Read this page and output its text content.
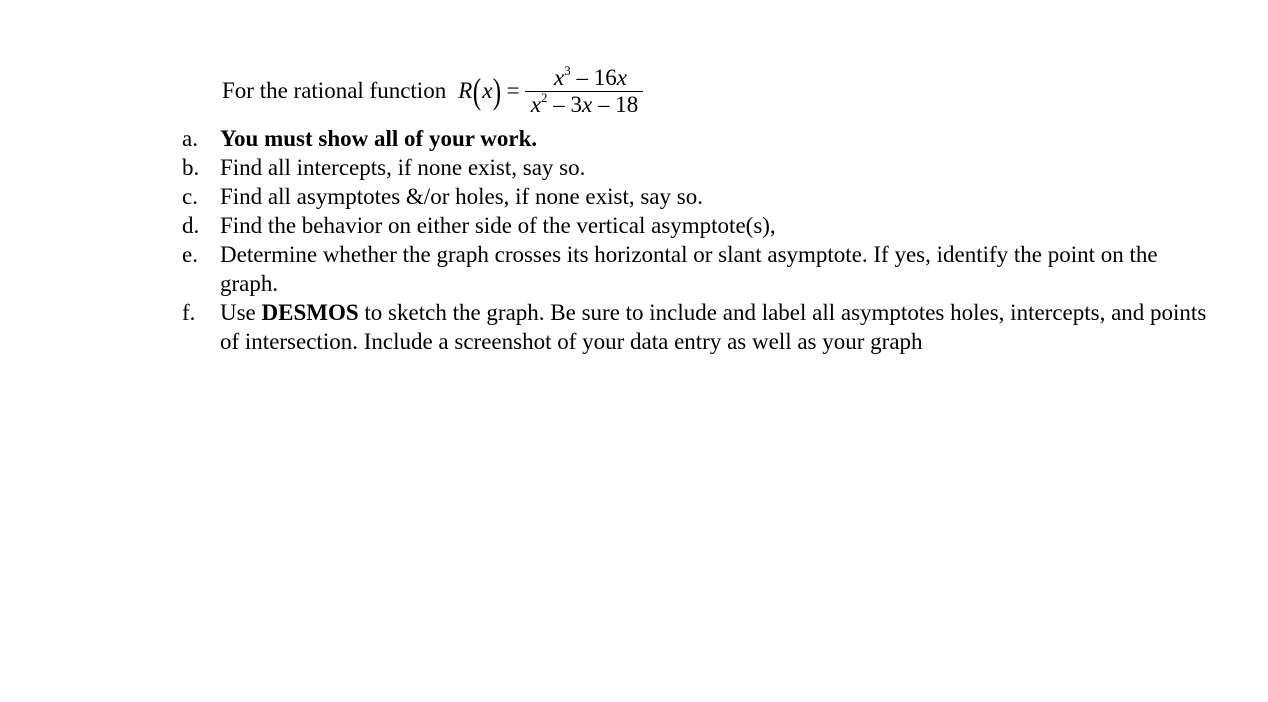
For the rational function R ( x ) = $\frac{x^3 - 16x}{x^2 - 3x - 18}$
a. You must show all of your work.
b. Find all intercepts, if none exist, say so.
c. Find all asymptotes &/or holes, if none exist, say so.
d. Find the behavior on either side of the vertical asymptote(s),
e. Determine whether the graph crosses its horizontal or slant asymptote. If yes, identify the point on the graph.
f.	Use DESMOS to sketch the graph. Be sure to include and label all asymptotes holes, intercepts, and points of intersection. Include a screenshot of your data entry as well as your graph
